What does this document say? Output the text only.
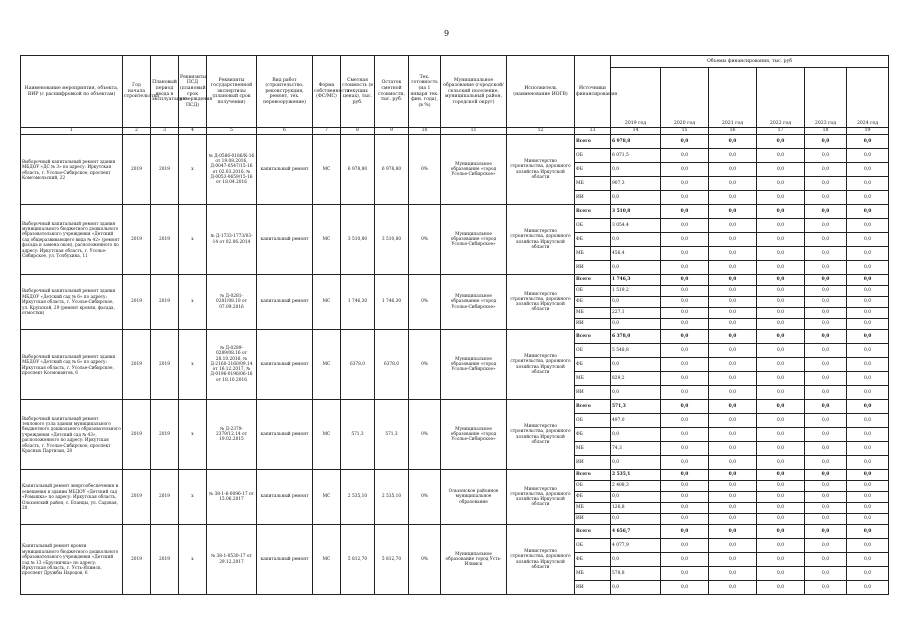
9
Наименование мероприятия, объекта, ВИР (с расшифровкой по объектам)	Год начала строительства	Плановый период ввода в эксплуатацию	Реквизиты ПСД (плановый срок утверждения ПСД)	Реквизиты государственной экспертизы (плановый срок получения)	Вид работ (строительство, реконструкция, ремонт, тех. перевооружение)	Форма собственности (ФС/МС)	Сметная стоимость (в текущих ценах), тыс. руб.	Остаток сметной стоимости, тыс. руб.	Тех. готовность (на 1 января тек. фин. года), (в %)	Муниципальное образование (городской/сельский поселение, муниципальный район, городской округ)	Исполнитель (наименование ИОГВ)	Источники финансирования	Объемы финансирования, тыс. руб					
													2019 год	2020 год	2021 год	2022 год	2023 год	2024 год
1	2	3	4	5	6	7	8	9	10	11	12	13	14	15	16	17	18	19
Выборочный капитальный ремонт здания МБДОУ «ДС № 3» по адресу: Иркутская область, г. Усолье-Сибирское, проспект Комсомольский, 22	2019	2019	х	№ Д-0586-0186/К-16 от 19.08.2016, Д-0047-0547/15-16 от 02.03.2016, № Д-0053-0659/15-16 от 18.04.2016	капитальный ремонт	МС	6 978,80	6 978,80	0%	Муниципальное образование «город Усолье-Сибирское»	Министерство строительства, дорожного хозяйства Иркутской области	Всего	6 978,8	0,0	0,0	0,0	0,0	0,0
												ОБ	6 071,5	0,0	0,0	0,0	0,0	0,0
												ФБ	0,0	0,0	0,0	0,0	0,0	0,0
												МБ	907,3	0,0	0,0	0,0	0,0	0,0
												ИИ	0,0	0,0	0,0	0,0	0,0	0,0
Выборочный капитальный ремонт здания муниципального бюджетного дошкольного образовательного учреждения «Детский сад общеразвивающего вида № 42» (ремонт фасада и замена окон), расположенного по адресу: Иркутская область, г. Усолье-Сибирское, ул. Толбухина, 11	2019	2019	х	№ Д-1733-1773/03-14 от 02.06.2014	капитальный ремонт	МС	3 510,80	3 510,80	0%	Муниципальное образование «город Усолье-Сибирское»	Министерство строительства, дорожного хозяйства Иркутской области	Всего	3 510,8	0,0	0,0	0,0	0,0	0,0
												ОБ	3 054,4	0,0	0,0	0,0	0,0	0,0
												ФБ	0,0	0,0	0,0	0,0	0,0	0,0
												МБ	456,4	0,0	0,0	0,0	0,0	0,0
												ИИ	0,0	0,0	0,0	0,0	0,0	0,0
Выборочный капитальный ремонт здания МБДОУ «Детский сад № 6» по адресу: Иркутская область, г. Усолье-Сибирское, ул. Крупской, 29 (ремонт кровли, фасада, отмостки)	2019	2019	х	№ Д-0281-0281/08.10 от 07.09.2016	капитальный ремонт	МС	1 746,30	1 746,30	0%	Муниципальное образование «город Усолье-Сибирское»	Министерство строительства, дорожного хозяйства Иркутской области	Всего	1 746,3	0,0	0,0	0,0	0,0	0,0
												ОБ	1 519,2	0,0	0,0	0,0	0,0	0,0
												ФБ	0,0	0,0	0,0	0,0	0,0	0,0
												МБ	227,1	0,0	0,0	0,0	0,0	0,0
												ИИ	0,0	0,0	0,0	0,0	0,0	0,0
Выборочный капитальный ремонт здания МБДОУ «Детский сад № 6» по адресу: Иркутская область, г. Усолье-Сибирское, проспект Космонавтов, 6	2019	2019	х	№ Д-0289-0289/08.16 от 28.10.2016, № Д-2160-2160/09.14 от 16.12.2017, № Д-0196-0196/06-16 от 18.10.2016	капитальный ремонт	МС	6378,0	6378,0	0%	Муниципальное образование «город Усолье-Сибирское»	Министерство строительства, дорожного хозяйства Иркутской области	Всего	6 378,0	0,0	0,0	0,0	0,0	0,0
												ОБ	5 548,8	0,0	0,0	0,0	0,0	0,0
												ФБ	0,0	0,0	0,0	0,0	0,0	0,0
												МБ	829,2	0,0	0,0	0,0	0,0	0,0
												ИИ	0,0	0,0	0,0	0,0	0,0	0,0
Выборочный капитальный ремонт теплового узла здания муниципального бюджетного дошкольного образовательного учреждения «Детский сад № 43», расположенного по адресу: Иркутская область, г. Усолье-Сибирское, проспект Красных Партизан, 28	2019	2019	х	№ Д-2379-2379/12.14 от 19.02.2015	капитальный ремонт	МС	571,3	571,3	0%	Муниципальное образование «город Усолье-Сибирское»	Министерство строительства, дорожного хозяйства Иркутской области	Всего	571,3	0,0	0,0	0,0	0,0	0,0
												ОБ	497,0	0,0	0,0	0,0	0,0	0,0
												ФБ	0,0	0,0	0,0	0,0	0,0	0,0
												МБ	74,3	0,0	0,0	0,0	0,0	0,0
												ИИ	0,0	0,0	0,0	0,0	0,0	0,0
Капитальный ремонт энергообеспечения и освещения в здании МБДОУ «Детский сад «Ромашка» по адресу: Иркутская область, Ольхонский район, с. Еланцы, ул. Садовая, 20	2019	2019	х	№ 38-1-6-0096-17 от 15.06.2017	капитальный ремонт	МС	2 535,10	2 535,10	0%	Ольхонское районное муниципальное образование	Министерство строительства, дорожного хозяйства Иркутской области	Всего	2 535,1	0,0	0,0	0,0	0,0	0,0
												ОБ	2 408,3	0,0	0,0	0,0	0,0	0,0
												ФБ	0,0	0,0	0,0	0,0	0,0	0,0
												МБ	126,8	0,0	0,0	0,0	0,0	0,0
												ИИ	0,0	0,0	0,0	0,0	0,0	0,0
Капитальный ремонт кровли муниципального бюджетного дошкольного образовательного учреждения «Детский сад № 13 «Брусничка» по адресу: Иркутская область, г. Усть-Илимск, проспект Дружбы Народов, 6	2019	2019	х	№ 38-1-0530-17 от 29.12.2017	капитальный ремонт	МС	5 812,70	5 812,70	0%	Муниципальное образование город Усть-Илимск	Министерство строительства, дорожного хозяйства Иркутской области	Всего	4 656,7	0,0	0,0	0,0	0,0	0,0
												ОБ	4 077,9	0,0	0,0	0,0	0,0	0,0
												ФБ	0,0	0,0	0,0	0,0	0,0	0,0
												МБ	578,8	0,0	0,0	0,0	0,0	0,0
												ИИ	0,0	0,0	0,0	0,0	0,0	0,0
